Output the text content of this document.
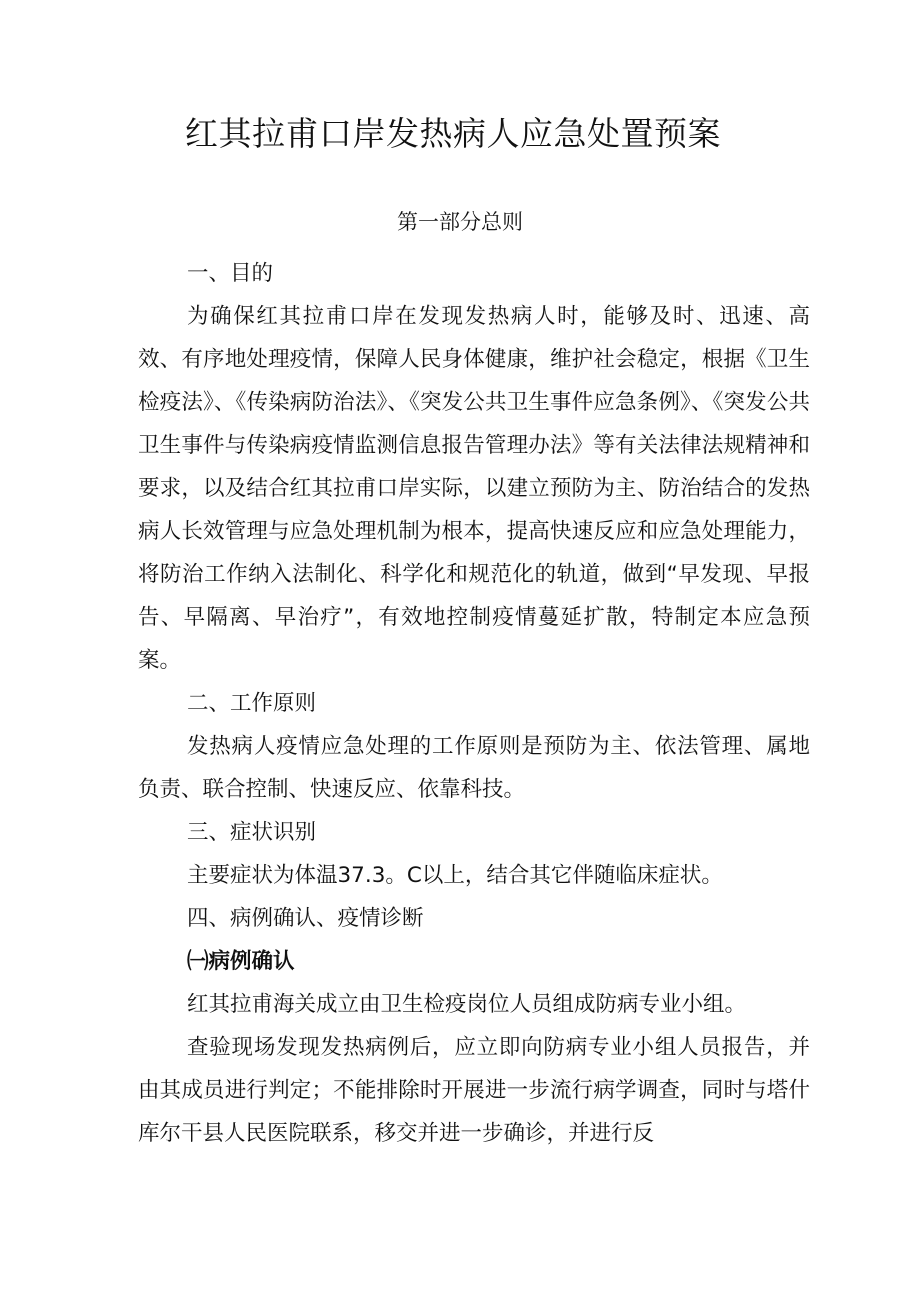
红其拉甫口岸发热病人应急处置预案
第一部分总则

一、目的

为确保红其拉甫口岸在发现发热病人时，能够及时、迅速、高效、有序地处理疫情，保障人民身体健康，维护社会稳定，根据《卫生检疫法》、《传染病防治法》、《突发公共卫生事件应急条例》、《突发公共卫生事件与传染病疫情监测信息报告管理办法》等有关法律法规精神和要求，以及结合红其拉甫口岸实际，以建立预防为主、防治结合的发热病人长效管理与应急处理机制为根本，提高快速反应和应急处理能力，将防治工作纳入法制化、科学化和规范化的轨道，做到“早发现、早报告、早隔离、早治疗”，有效地控制疫情蔓延扩散，特制定本应急预案。

二、工作原则

发热病人疫情应急处理的工作原则是预防为主、依法管理、属地负责、联合控制、快速反应、依靠科技。

三、症状识别

主要症状为体温37.3。C以上，结合其它伴随临床症状。

四、病例确认、疫情诊断

㈠病例确认

红其拉甫海关成立由卫生检疫岗位人员组成防病专业小组。

查验现场发现发热病例后，应立即向防病专业小组人员报告，并由其成员进行判定；不能排除时开展进一步流行病学调查，同时与塔什库尔干县人民医院联系，移交并进一步确诊，并进行反
